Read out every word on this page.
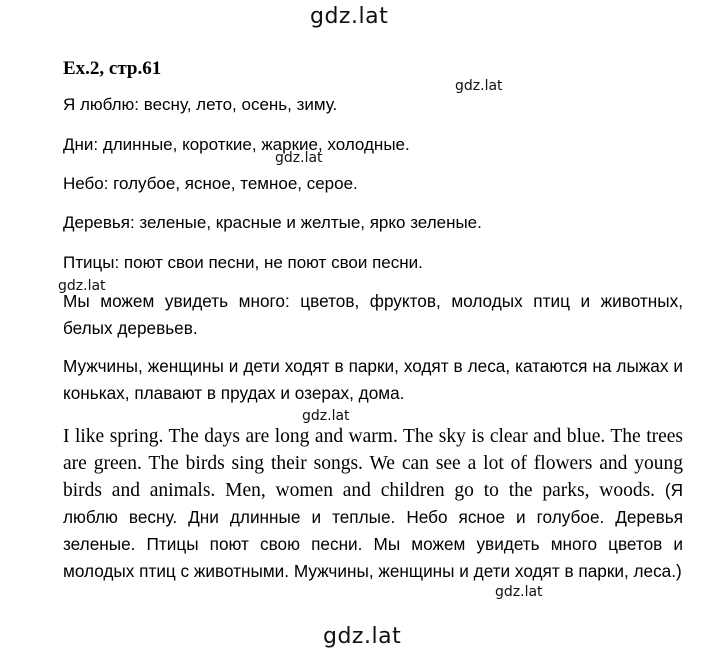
gdz.lat
gdz.lat
gdz.lat
gdz.lat
gdz.lat
gdz.lat
gdz.lat
Ex.2, стр.61
Я люблю: весну, лето, осень, зиму.
Дни: длинные, короткие, жаркие, холодные.
Небо: голубое, ясное, темное, серое.
Деревья: зеленые, красные и желтые, ярко зеленые.
Птицы: поют свои песни, не поют свои песни.
Мы можем увидеть много: цветов, фруктов, молодых птиц и животных, белых деревьев.
Мужчины, женщины и дети ходят в парки, ходят в леса, катаются на лыжах и коньках, плавают в прудах и озерах, дома.
I like spring. The days are long and warm. The sky is clear and blue. The trees are green. The birds sing their songs. We can see a lot of flowers and young birds and animals. Men, women and children go to the parks, woods. (Я люблю весну. Дни длинные и теплые. Небо ясное и голубое. Деревья зеленые. Птицы поют свою песни. Мы можем увидеть много цветов и молодых птиц с животными. Мужчины, женщины и дети ходят в парки, леса.)
